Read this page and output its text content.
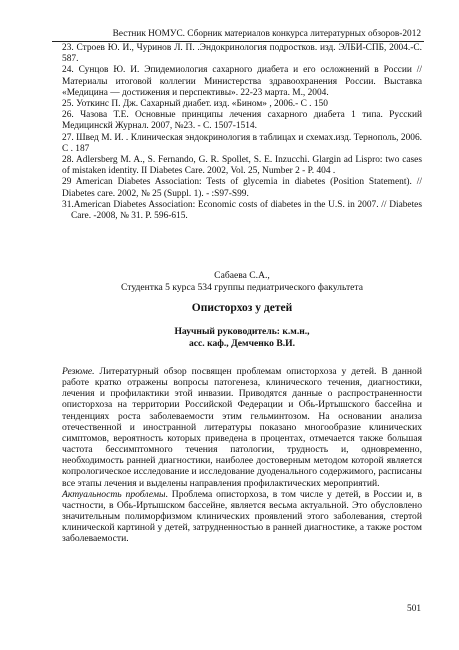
Вестник НОМУС. Сборник материалов конкурса литературных обзоров-2012

23. Строев Ю. И., Чуринов Л. П. .Эндокринология подростков. изд. ЭЛБИ-СПБ, 2004.-С. 587.

24. Сунцов Ю. И. Эпидемиология сахарного диабета и его осложнений в России // Материалы итоговой коллегии Министерства здравоохранения России. Выставка «Медицина — достижения и перспективы». 22-23 марта. М., 2004.

25. Уоткинс П. Дж. Сахарный диабет. изд. «Бином» , 2006.- С . 150

26. Чазова Т.Е. Основные принципы лечения сахарного диабета 1 типа. Русский Медицинскй Журнал. 2007, №23. - С. 1507-1514.

27. Швед М. И. . Клиническая эндокринология в таблицах и схемах.изд. Тернополь, 2006. С . 187

28. Adlersberg M. A., S. Fernando, G. R. Spollet, S. E. Inzucchi. Glargin ad Lispro: two cases of mistaken identity. II Diabetes Care. 2002, Vol. 25, Number 2 - P. 404 .

29 American Diabetes Association: Tests of glycemia in diabetes (Position Statement). // Diabetes care. 2002, № 25 (Suppl. 1). - :S97-S99.

31.American Diabetes Association: Economic costs of diabetes in the U.S. in 2007. // Diabetes Care. -2008, № 31. P. 596-615.

Сабаева С.А.,
Студентка 5 курса 534 группы педиатрического факультета
Описторхоз у детей
Научный руководитель: к.м.н.,
асс. каф., Демченко В.И.

Резюме. Литературный обзор посвящен проблемам описторхоза у детей. В данной работе кратко отражены вопросы патогенеза, клинического течения, диагностики, лечения и профилактики этой инвазии. Приводятся данные о распространенности описторхоза на территории Российской Федерации и Обь-Иртышского бассейна и тенденциях роста заболеваемости этим гельминтозом. На основании анализа отечественной и иностранной литературы показано многообразие клинических симптомов, вероятность которых приведена в процентах, отмечается также большая частота бессимптомного течения патологии, трудность и, одновременно, необходимость ранней диагностики, наиболее достоверным методом которой является копрологическое исследование и исследование дуоденального содержимого, расписаны все этапы лечения и выделены направления профилактических мероприятий.

Актуальность проблемы. Проблема описторхоза, в том числе у детей, в России и, в частности, в Обь-Иртышском бассейне, является весьма актуальной. Это обусловлено значительным полиморфизмом клинических проявлений этого заболевания, стертой клинической картиной у детей, затрудненностью в ранней диагностике, а также ростом заболеваемости.

501
